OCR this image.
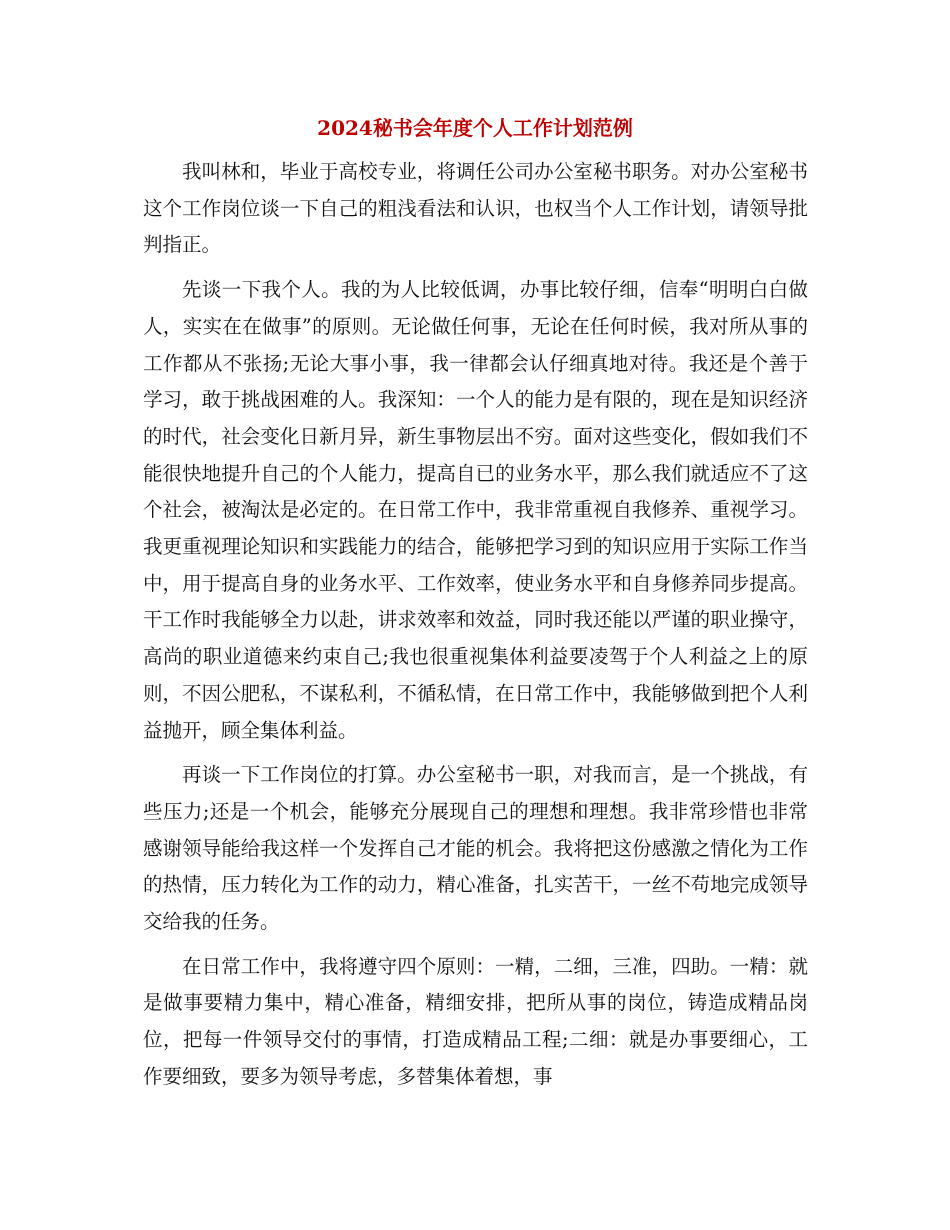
2024秘书会年度个人工作计划范例

我叫林和，毕业于高校专业，将调任公司办公室秘书职务。对办公室秘书这个工作岗位谈一下自己的粗浅看法和认识，也权当个人工作计划，请领导批判指正。

先谈一下我个人。我的为人比较低调，办事比较仔细，信奉“明明白白做人，实实在在做事”的原则。无论做任何事，无论在任何时候，我对所从事的工作都从不张扬;无论大事小事，我一律都会认仔细真地对待。我还是个善于学习，敢于挑战困难的人。我深知：一个人的能力是有限的，现在是知识经济的时代，社会变化日新月异，新生事物层出不穷。面对这些变化，假如我们不能很快地提升自己的个人能力，提高自已的业务水平，那么我们就适应不了这个社会，被淘汰是必定的。在日常工作中，我非常重视自我修养、重视学习。我更重视理论知识和实践能力的结合，能够把学习到的知识应用于实际工作当中，用于提高自身的业务水平、工作效率，使业务水平和自身修养同步提高。干工作时我能够全力以赴，讲求效率和效益，同时我还能以严谨的职业操守，高尚的职业道德来约束自己;我也很重视集体利益要凌驾于个人利益之上的原则，不因公肥私，不谋私利，不循私情，在日常工作中，我能够做到把个人利益抛开，顾全集体利益。

再谈一下工作岗位的打算。办公室秘书一职，对我而言，是一个挑战，有些压力;还是一个机会，能够充分展现自己的理想和理想。我非常珍惜也非常感谢领导能给我这样一个发挥自己才能的机会。我将把这份感激之情化为工作的热情，压力转化为工作的动力，精心准备，扎实苦干，一丝不苟地完成领导交给我的任务。

在日常工作中，我将遵守四个原则：一精，二细，三准，四助。一精：就是做事要精力集中，精心准备，精细安排，把所从事的岗位，铸造成精品岗位，把每一件领导交付的事情，打造成精品工程;二细：就是办事要细心，工作要细致，要多为领导考虑，多替集体着想，事
